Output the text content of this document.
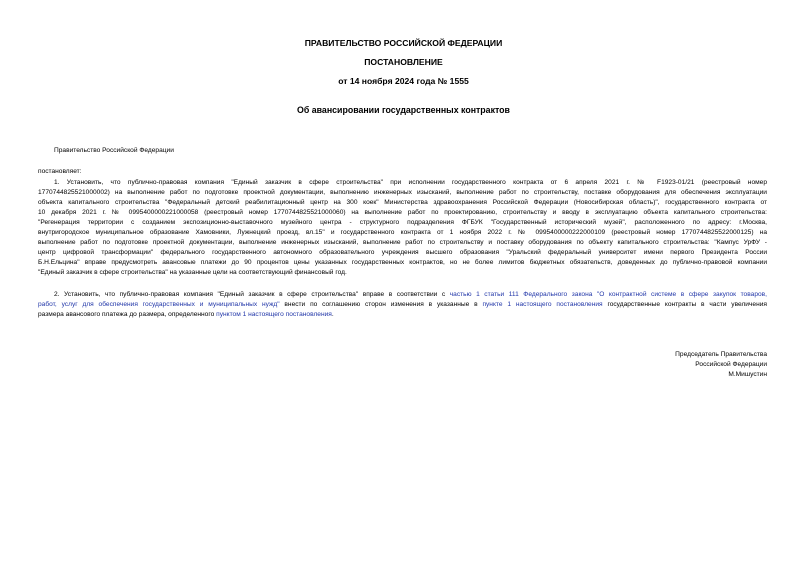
ПРАВИТЕЛЬСТВО РОССИЙСКОЙ ФЕДЕРАЦИИ
ПОСТАНОВЛЕНИЕ
от 14 ноября 2024 года № 1555
Об авансировании государственных контрактов
Правительство Российской Федерации
постановляет:
1. Установить, что публично-правовая компания "Единый заказчик в сфере строительства" при исполнении государственного контракта от 6 апреля 2021 г. № F1923-01/21 (реестровый номер
1770744825521000002) на выполнение работ по подготовке проектной документации, выполнению инженерных изысканий, выполнение работ по строительству, поставке оборудования для обеспечения эксплуатации
объекта капитального строительства "Федеральный детский реабилитационный центр на 300 коек" Министерства здравоохранения Российской Федерации (Новосибирская область)", государственного контракта от
10 декабря 2021 г. № 0995400000221000058 (реестровый номер 1770744825521000060) на выполнение работ по проектированию, строительству и вводу в эксплуатацию объекта капитального строительства:
"Регенерация территории с созданием экспозиционно-выставочного музейного центра - структурного подразделения ФГБУК "Государственный исторический музей", расположенного по адресу: г.Москва,
внутригородское муниципальное образование Хамовники, Лужнецкий проезд, вл.15" и государственного контракта от 1 ноября 2022 г. № 0995400000222000109 (реестровый номер 1770744825522000125) на
выполнение работ по подготовке проектной документации, выполнение инженерных изысканий, выполнение работ по строительству и поставку оборудования по объекту капитального строительства: "Кампус УрФУ -
центр цифровой трансформации" федерального государственного автономного образовательного учреждения высшего образования "Уральский федеральный университет имени первого Президента России
Б.Н.Ельцина" вправе предусмотреть авансовые платежи до 90 процентов цены указанных государственных контрактов, но не более лимитов бюджетных обязательств, доведенных до публично-правовой компании
"Единый заказчик в сфере строительства" на указанные цели на соответствующий финансовый год.
2. Установить, что публично-правовая компания "Единый заказчик в сфере строительства" вправе в соответствии с частью 1 статьи 111 Федерального закона "О контрактной системе в сфере закупок товаров,
работ, услуг для обеспечения государственных и муниципальных нужд" внести по соглашению сторон изменения в указанные в пункте 1 настоящего постановления государственные контракты в части увеличения
размера авансового платежа до размера, определенного пунктом 1 настоящего постановления.
Председатель Правительства
Российской Федерации
М.Мишустин
